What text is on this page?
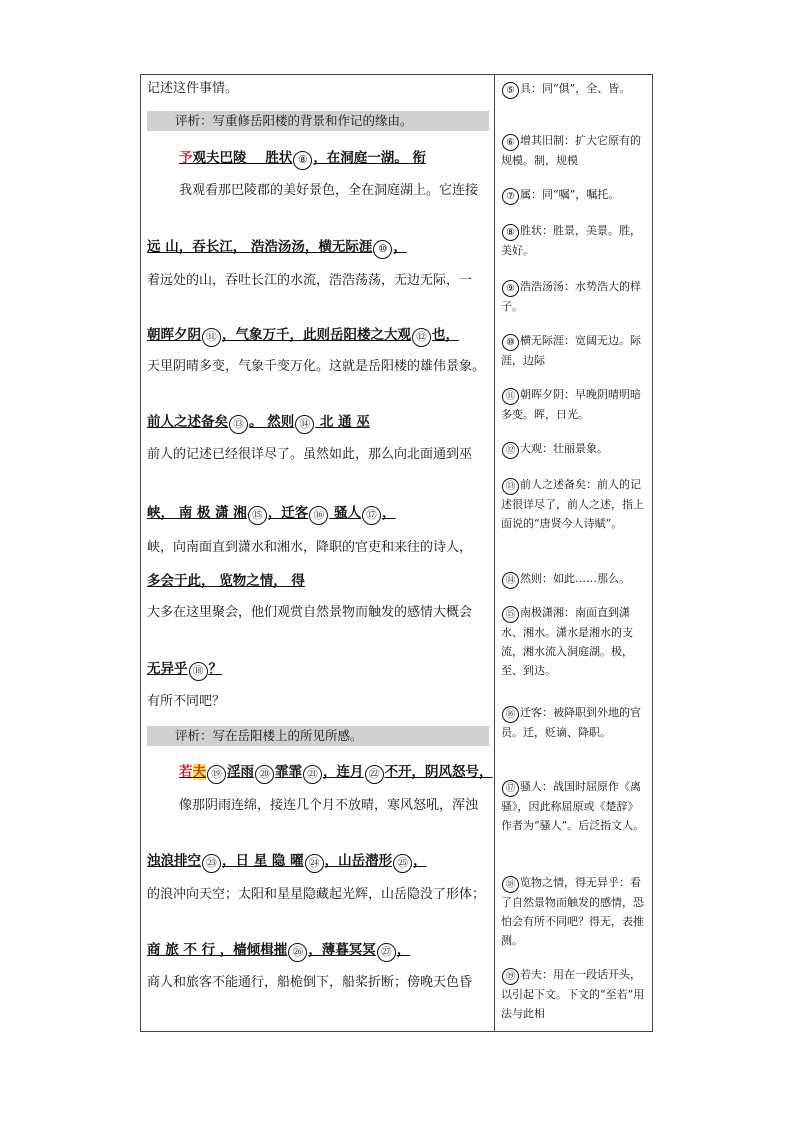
记述这件事情。
评析：写重修岳阳楼的背景和作记的缘由。
予观夫巴陵 胜状 ⑧ ，在洞庭一湖。 衔
我观看那巴陵郡的美好景色，全在洞庭湖上。它连接
远 山，吞长江， 浩浩汤汤，横无际涯 ⑩ ，
着远处的山，吞吐长江的水流，浩浩荡荡，无边无际，一
朝晖夕阴 ⑪ ，气象万千，此则岳阳楼之大观 ⑫ 也，
天里阴晴多变，气象千变万化。这就是岳阳楼的雄伟景象。
前人之述备矣 ⑬ 。 然则 ⑭ 北 通 巫
前人的记述已经很详尽了。虽然如此，那么向北面通到巫
峡， 南 极 潇 湘 ⑮ ，迁客 ⑯ 骚人 ⑰ ，
峡，向南面直到潇水和湘水，降职的官吏和来往的诗人，
多会于此， 览物之情， 得
大多在这里聚会，他们观赏自然景物而触发的感情大概会
无异乎 ⑱ ？
有所不同吧？
评析：写在岳阳楼上的所见所感。
若夫 ⑲ 淫雨 ⑳ 霏霏 ㉑ ，连月 ㉒ 不开，阴风怒号，
像那阴雨连绵，接连几个月不放晴，寒风怒吼，浑浊
浊浪排空 ㉓ ，日 星 隐 曜 ㉔ ，山岳潜形 ㉕ ，
的浪冲向天空；太阳和星星隐藏起光辉，山岳隐没了形体；
商 旅 不 行 ，樯倾楫摧 ㉖ ，薄暮冥冥 ㉗ ，
商人和旅客不能通行，船桅倒下，船桨折断；傍晚天色昏
⑤ 具：同“俱”，全、皆。
⑥ 增其旧制：扩大它原有的规模。制，规模
⑦ 属：同“嘱”，嘱托。
⑧ 胜状：胜景，美景。胜，美好。
⑨ 浩浩汤汤：水势浩大的样子。
⑩ 横无际涯：宽阔无边。际涯，边际
⑪ 朝晖夕阴：早晚阴晴明暗多变。晖，日光。
⑫ 大观：壮丽景象。
⑬ 前人之述备矣：前人的记述很详尽了，前人之述，指上面说的“唐贤今人诗赋”。
⑭ 然则：如此……那么。
⑮ 南极潇湘：南面直到潇水、湘水。潇水是湘水的支流，湘水流入洞庭湖。极，至、到达。
⑯ 迁客：被降职到外地的官员。迁，贬谪、降职。
⑰ 骚人：战国时屈原作《离骚》，因此称屈原或《楚辞》作者为“骚人”。后泛指文人。
⑱ 览物之情，得无异乎：看了自然景物而触发的感情，恐怕会有所不同吧？得无，表推测。
⑲ 若夫：用在一段话开头，以引起下文。下文的“至若”用法与此相
